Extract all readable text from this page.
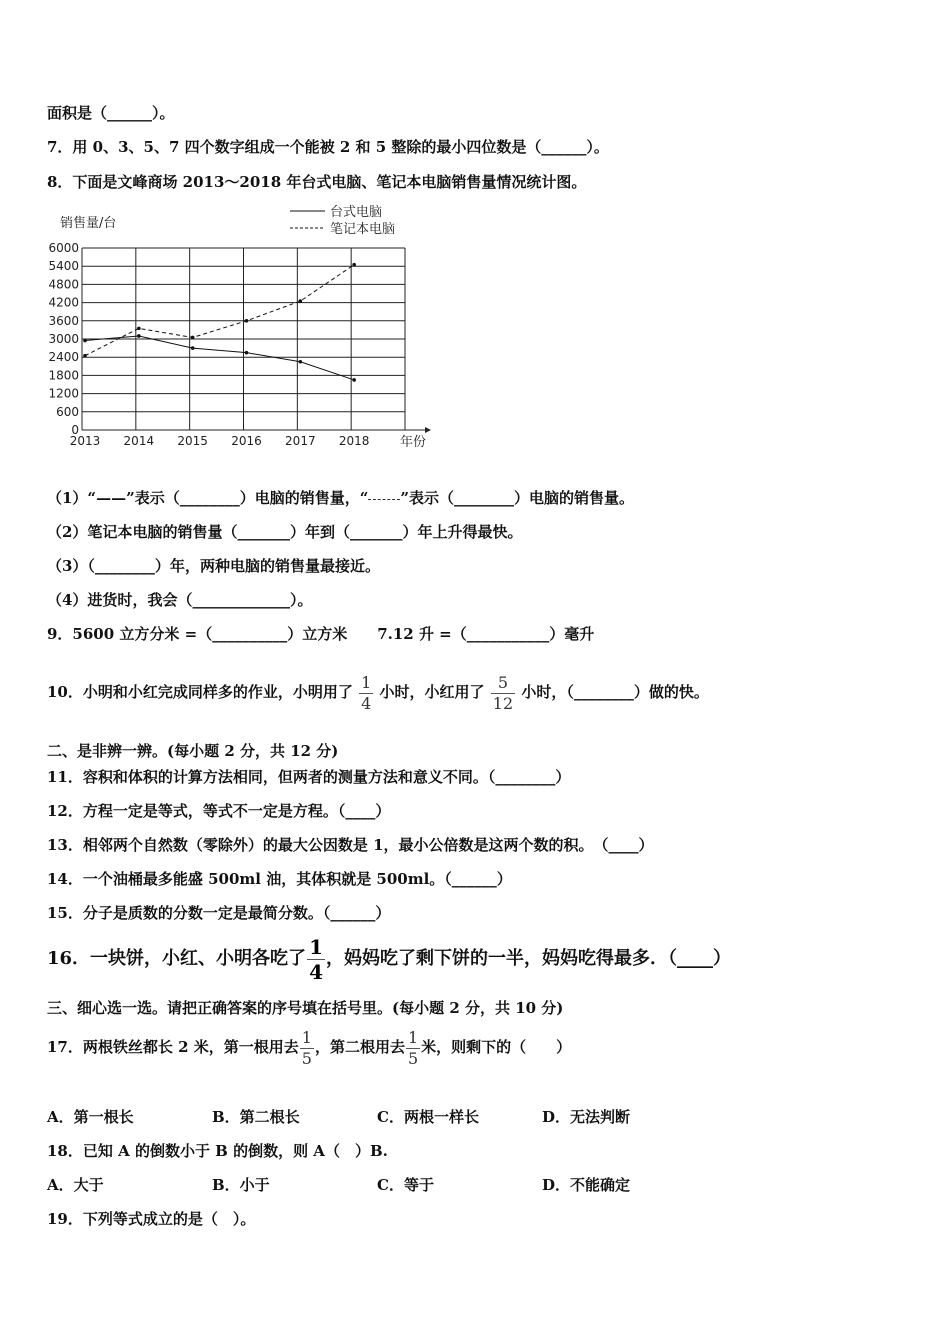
面积是（______）。
7．用 0、3、5、7 四个数字组成一个能被 2 和 5 整除的最小四位数是（______）。
8．下面是文峰商场 2013～2018 年台式电脑、笔记本电脑销售量情况统计图。
0
600
1200
1800
2400
3000
3600
4200
4800
5400
6000
2013 2014 2015 2016 2017 2018
销售量/台
年份
台式电脑
笔记本电脑
（1）“——”表示（________）电脑的销售量，“ ”表示（________）电脑的销售量。
（2）笔记本电脑的销售量（_______）年到（_______）年上升得最快。
（3）（________）年，两种电脑的销售量最接近。
（4）进货时，我会（_____________）。
9．5600 立方分米 =（__________）立方米　　7.12 升 =（___________）毫升
10．小明和小红完成同样多的作业，小明用了 $\frac{1}{4}$ 小时，小红用了 $\frac{5}{12}$ 小时，（________）做的快。
二、是非辨一辨。(每小题 2 分，共 12 分)
11．容积和体积的计算方法相同，但两者的测量方法和意义不同。（________）
12．方程一定是等式，等式不一定是方程。（____）
13．相邻两个自然数（零除外）的最大公因数是 1，最小公倍数是这两个数的积。　（____）
14．一个油桶最多能盛 500ml 油，其体积就是 500ml。（______）
15．分子是质数的分数一定是最简分数。（______）
16．一块饼，小红、小明各吃了 $\frac{1}{4}$ ，妈妈吃了剩下饼的一半，妈妈吃得最多．（____）
三、细心选一选。请把正确答案的序号填在括号里。(每小题 2 分，共 10 分)
17．两根铁丝都长 2 米，第一根用去 $\frac{1}{5}$ ，第二根用去 $\frac{1}{5}$ 米，则剩下的（　　）
A．第一根长	B．第二根长	C．两根一样长	D．无法判断
18．已知 A 的倒数小于 B 的倒数，则 A（　）B.
A．大于	B．小于	C．等于	D．不能确定
19．下列等式成立的是（　）。
